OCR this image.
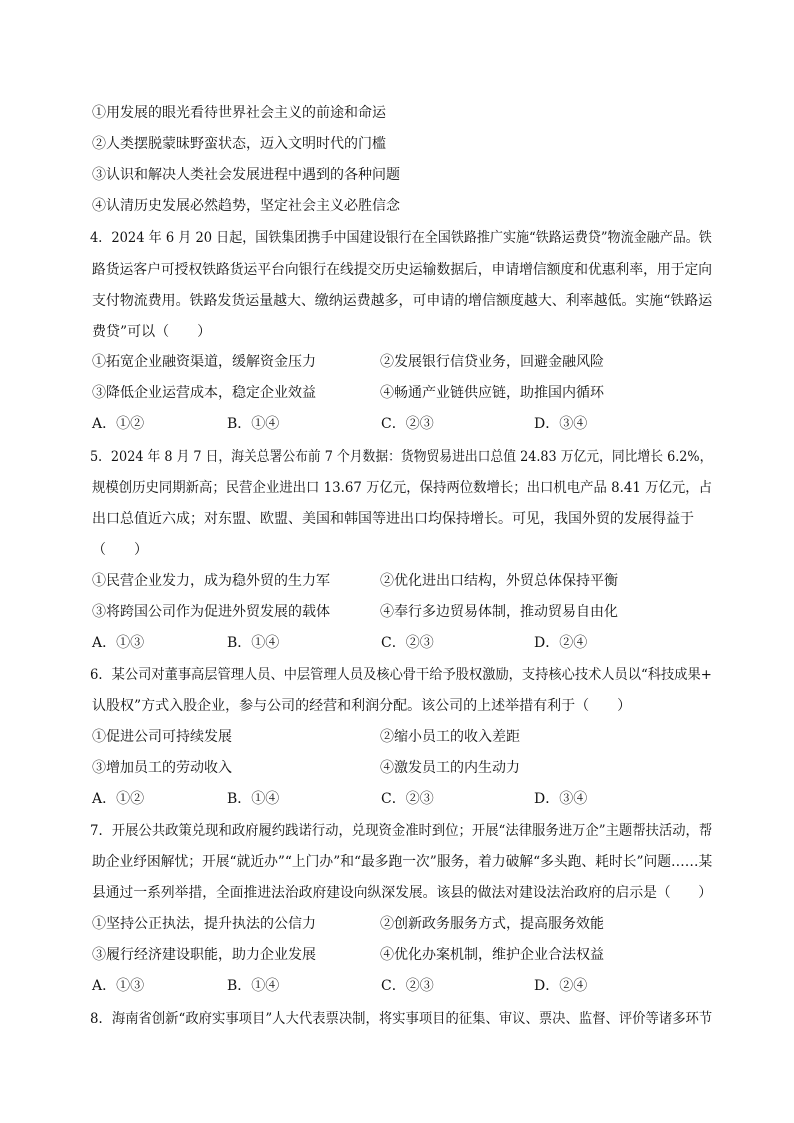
①用发展的眼光看待世界社会主义的前途和命运
②人类摆脱蒙昧野蛮状态，迈入文明时代的门槛
③认识和解决人类社会发展进程中遇到的各种问题
④认清历史发展必然趋势，坚定社会主义必胜信念
4．2024 年 6 月 20 日起，国铁集团携手中国建设银行在全国铁路推广实施“铁路运费贷”物流金融产品。铁
路货运客户可授权铁路货运平台向银行在线提交历史运输数据后，申请增信额度和优惠利率，用于定向
支付物流费用。铁路发货运量越大、缴纳运费越多，可申请的增信额度越大、利率越低。实施“铁路运
费贷”可以（　　）
①拓宽企业融资渠道，缓解资金压力	②发展银行信贷业务，回避金融风险
③降低企业运营成本，稳定企业效益	④畅通产业链供应链，助推国内循环
A．①②	B．①④	C．②③	D．③④
5．2024 年 8 月 7 日，海关总署公布前 7 个月数据：货物贸易进出口总值 24.83 万亿元，同比增长 6.2%，
规模创历史同期新高；民营企业进出口 13.67 万亿元，保持两位数增长；出口机电产品 8.41 万亿元，占
出口总值近六成；对东盟、欧盟、美国和韩国等进出口均保持增长。可见，我国外贸的发展得益于
（　　）
①民营企业发力，成为稳外贸的生力军	②优化进出口结构，外贸总体保持平衡
③将跨国公司作为促进外贸发展的载体	④奉行多边贸易体制，推动贸易自由化
A．①③	B．①④	C．②③	D．②④
6．某公司对董事高层管理人员、中层管理人员及核心骨干给予股权激励，支持核心技术人员以“科技成果+
认股权”方式入股企业，参与公司的经营和利润分配。该公司的上述举措有利于（　　）
①促进公司可持续发展	②缩小员工的收入差距
③增加员工的劳动收入	④激发员工的内生动力
A．①②	B．①④	C．②③	D．③④
7．开展公共政策兑现和政府履约践诺行动，兑现资金准时到位；开展“法律服务进万企”主题帮扶活动，帮
助企业纾困解忧；开展“就近办”“上门办”和“最多跑一次”服务，着力破解“多头跑、耗时长”问题……某
县通过一系列举措，全面推进法治政府建设向纵深发展。该县的做法对建设法治政府的启示是（　　）
①坚持公正执法，提升执法的公信力	②创新政务服务方式，提高服务效能
③履行经济建设职能，助力企业发展	④优化办案机制，维护企业合法权益
A．①③	B．①④	C．②③	D．②④
8．海南省创新“政府实事项目”人大代表票决制，将实事项目的征集、审议、票决、监督、评价等诸多环节
